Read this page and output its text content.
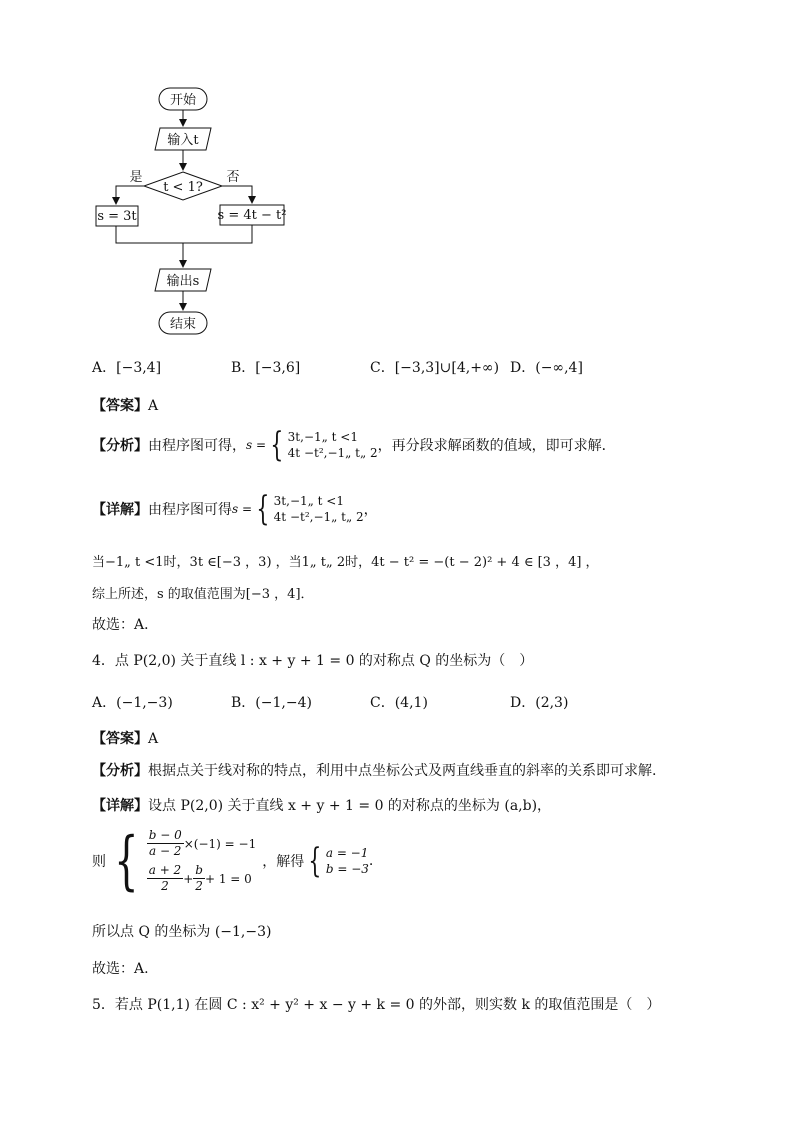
开始
输入t
t < 1?
是	否
s = 3t	s = 4t − t²
输出s
结束
A．[−3,4]	B．[−3,6]	C．[−3,3]∪[4,+∞) D．(−∞,4]
【答案】A
【分析】 由程序图可得， s = { 3t,−1„ t <1
4t −t²,−1„ t„ 2 ，再分段求解函数的值域，即可求解．
【详解】 由程序图可得 s = { 3t,−1„ t <1
4t −t²,−1„ t„ 2 ，
当−1„ t <1时，3t ∈[−3 ，3) ，当1„ t„ 2时，4t − t² = −(t − 2)² + 4 ∈ [3 ，4] ，
综上所述，s 的取值范围为[−3 ，4]．
故选：A．
4．点 P(2,0) 关于直线 l : x + y + 1 = 0 的对称点 Q 的坐标为（　）
A．(−1,−3)	B．(−1,−4)	C．(4,1)	D．(2,3)
【答案】A
【分析】根据点关于线对称的特点，利用中点坐标公式及两直线垂直的斜率的关系即可求解.
【详解】设点 P(2,0) 关于直线 x + y + 1 = 0 的对称点的坐标为 (a,b)，
则 { $\frac{b - 0}{a - 2} \times(-1) = -1$
$\frac{a + 2}{2} + \frac{b}{2} + 1 = 0$
，解得 { a = −1
b = −3 .
所以点 Q 的坐标为 (−1,−3)
故选：A.
5．若点 P(1,1) 在圆 C : x² + y² + x − y + k = 0 的外部，则实数 k 的取值范围是（　）
